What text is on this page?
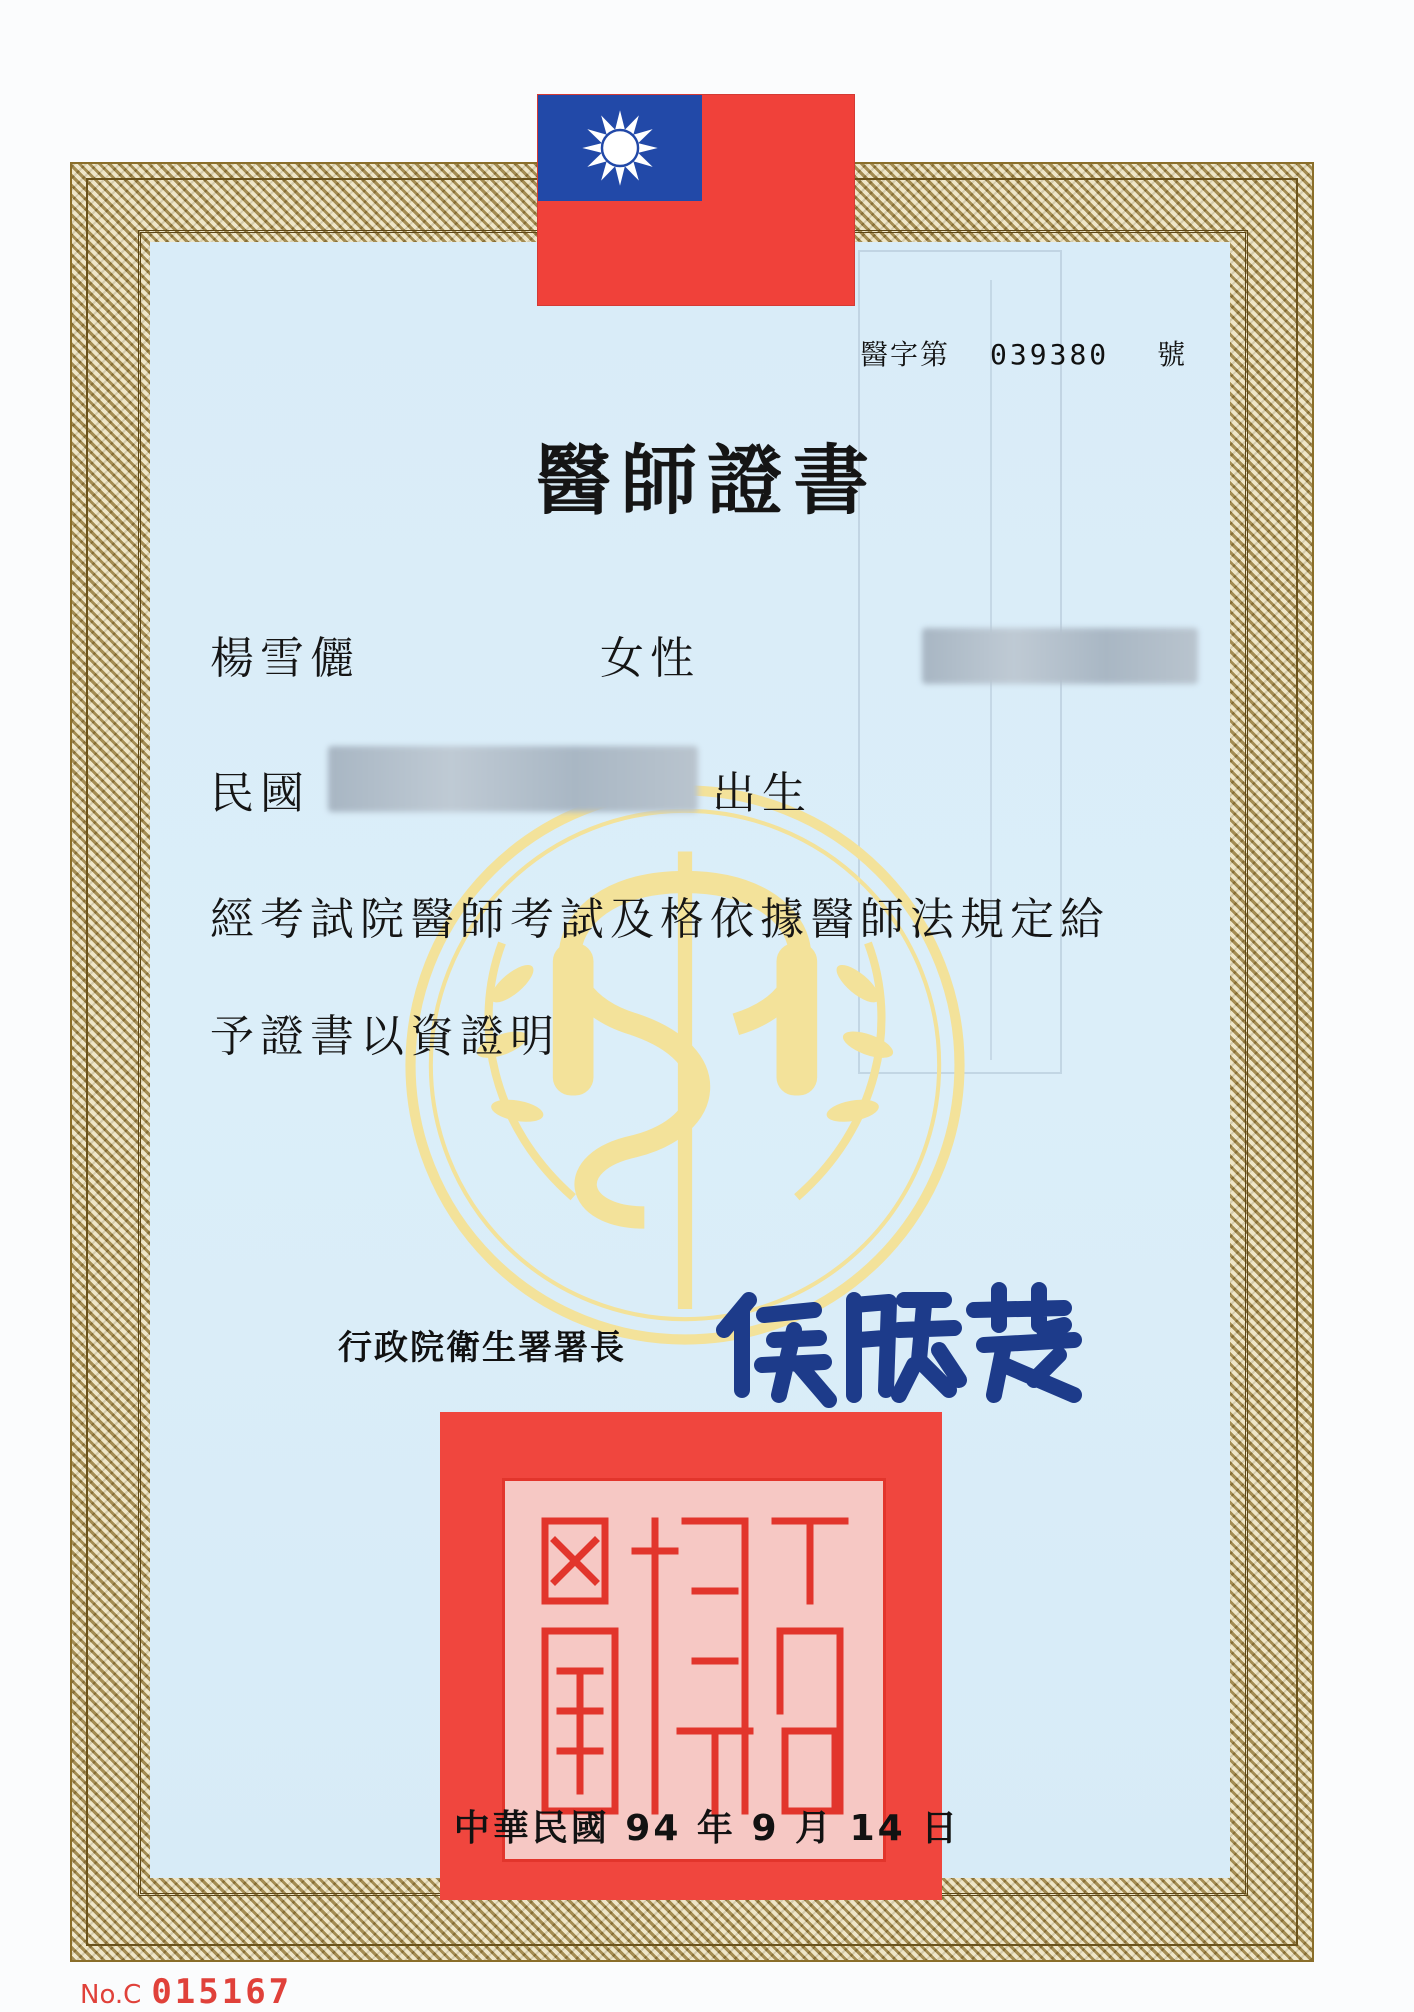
醫字第 039380 號
醫師證書
楊雪儷	女性
民國	出生
經考試院醫師考試及格依據醫師法規定給
予證書以資證明
行政院衛生署署長
中華民國 94 年 9 月 14 日
No.C 015167
